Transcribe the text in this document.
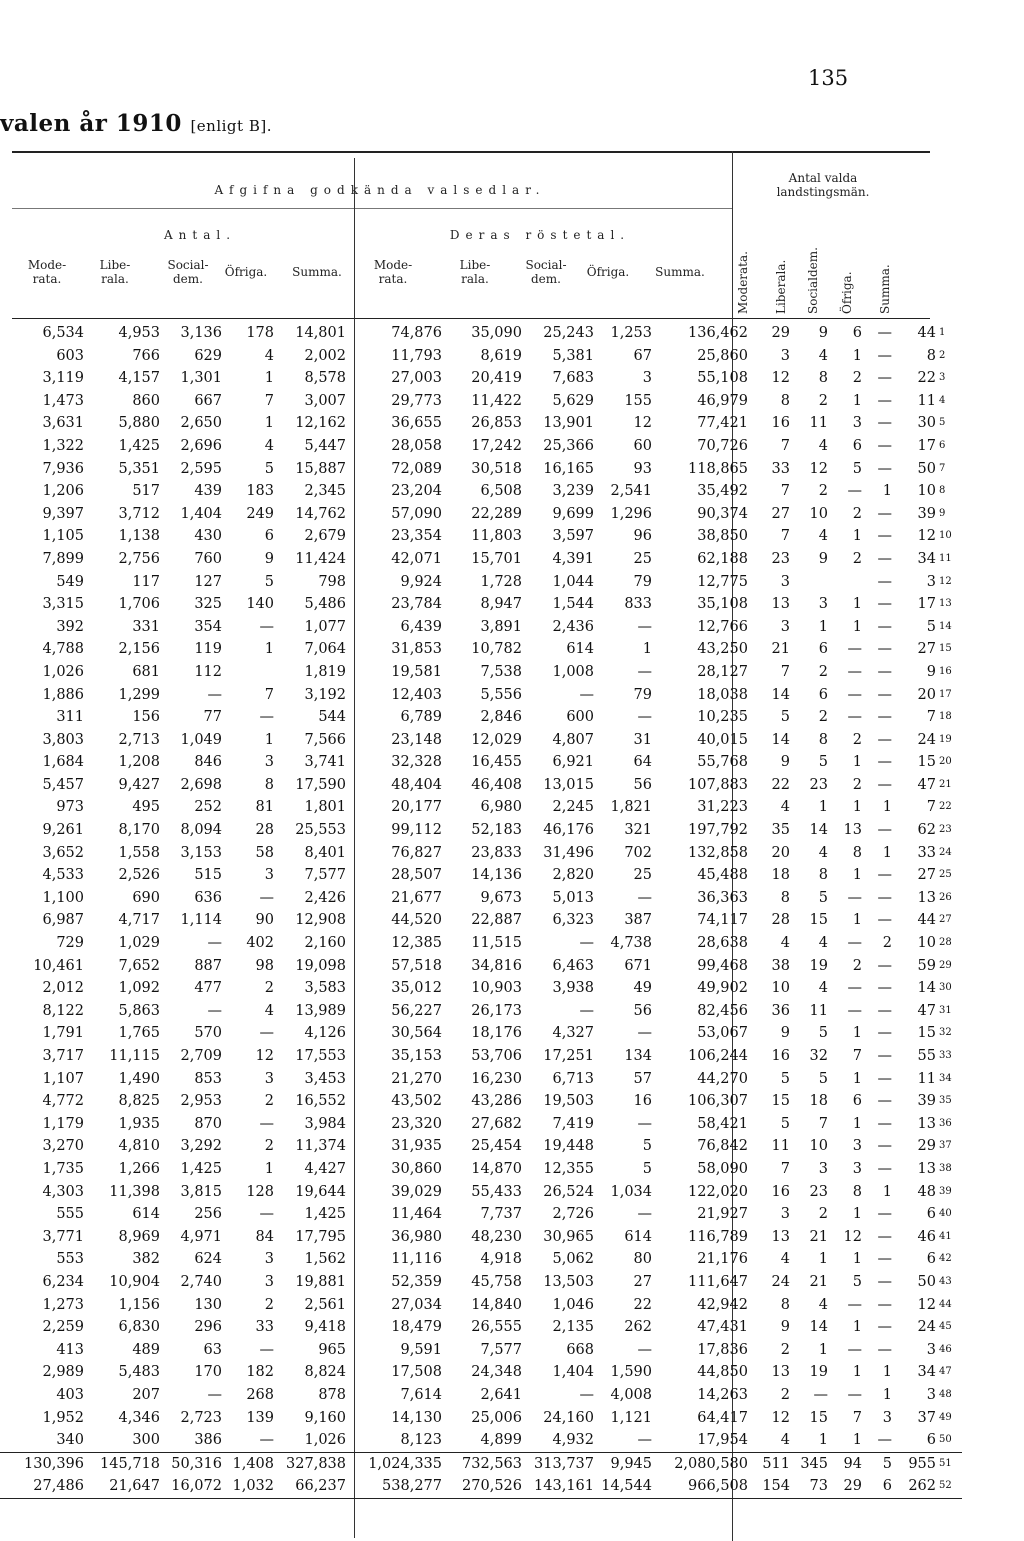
135
valen år 1910 [enligt B].
Afgifna godkända valsedlar.
Antal.	Deras röstetal.
Antal valda landstingsmän.
Mode-rata.
Libe-rala.
Social-dem.	Öfriga.	Summa.	Mode-rata.
Libe-rala.
Social-dem.	Öfriga.	Summa.	Moderata. Liberala. Socialdem. Öfriga. Summa.
6,534	4,953	3,136	178	14,801	74,876	35,090	25,243	1,253	136,462	29	9	6	—	44	1
603	766	629	4	2,002	11,793	8,619	5,381	67	25,860	3	4	1	—	8	2
3,119	4,157	1,301	1	8,578	27,003	20,419	7,683	3	55,108	12	8	2	—	22	3
1,473	860	667	7	3,007	29,773	11,422	5,629	155	46,979	8	2	1	—	11	4
3,631	5,880	2,650	1	12,162	36,655	26,853	13,901	12	77,421	16	11	3	—	30	5
1,322	1,425	2,696	4	5,447	28,058	17,242	25,366	60	70,726	7	4	6	—	17	6
7,936	5,351	2,595	5	15,887	72,089	30,518	16,165	93	118,865	33	12	5	—	50	7
1,206	517	439	183	2,345	23,204	6,508	3,239	2,541	35,492	7	2	—	1	10	8
9,397	3,712	1,404	249	14,762	57,090	22,289	9,699	1,296	90,374	27	10	2	—	39	9
1,105	1,138	430	6	2,679	23,354	11,803	3,597	96	38,850	7	4	1	—	12	10
7,899	2,756	760	9	11,424	42,071	15,701	4,391	25	62,188	23	9	2	—	34	11
549	117	127	5	798	9,924	1,728	1,044	79	12,775	3			—	3	12
3,315	1,706	325	140	5,486	23,784	8,947	1,544	833	35,108	13	3	1	—	17	13
392	331	354	—	1,077	6,439	3,891	2,436	—	12,766	3	1	1	—	5	14
4,788	2,156	119	1	7,064	31,853	10,782	614	1	43,250	21	6	—	—	27	15
1,026	681	112		1,819	19,581	7,538	1,008	—	28,127	7	2	—	—	9	16
1,886	1,299	—	7	3,192	12,403	5,556	—	79	18,038	14	6	—	—	20	17
311	156	77	—	544	6,789	2,846	600	—	10,235	5	2	—	—	7	18
3,803	2,713	1,049	1	7,566	23,148	12,029	4,807	31	40,015	14	8	2	—	24	19
1,684	1,208	846	3	3,741	32,328	16,455	6,921	64	55,768	9	5	1	—	15	20
5,457	9,427	2,698	8	17,590	48,404	46,408	13,015	56	107,883	22	23	2	—	47	21
973	495	252	81	1,801	20,177	6,980	2,245	1,821	31,223	4	1	1	1	7	22
9,261	8,170	8,094	28	25,553	99,112	52,183	46,176	321	197,792	35	14	13	—	62	23
3,652	1,558	3,153	58	8,401	76,827	23,833	31,496	702	132,858	20	4	8	1	33	24
4,533	2,526	515	3	7,577	28,507	14,136	2,820	25	45,488	18	8	1	—	27	25
1,100	690	636	—	2,426	21,677	9,673	5,013	—	36,363	8	5	—	—	13	26
6,987	4,717	1,114	90	12,908	44,520	22,887	6,323	387	74,117	28	15	1	—	44	27
729	1,029	—	402	2,160	12,385	11,515	—	4,738	28,638	4	4	—	2	10	28
10,461	7,652	887	98	19,098	57,518	34,816	6,463	671	99,468	38	19	2	—	59	29
2,012	1,092	477	2	3,583	35,012	10,903	3,938	49	49,902	10	4	—	—	14	30
8,122	5,863	—	4	13,989	56,227	26,173	—	56	82,456	36	11	—	—	47	31
1,791	1,765	570	—	4,126	30,564	18,176	4,327	—	53,067	9	5	1	—	15	32
3,717	11,115	2,709	12	17,553	35,153	53,706	17,251	134	106,244	16	32	7	—	55	33
1,107	1,490	853	3	3,453	21,270	16,230	6,713	57	44,270	5	5	1	—	11	34
4,772	8,825	2,953	2	16,552	43,502	43,286	19,503	16	106,307	15	18	6	—	39	35
1,179	1,935	870	—	3,984	23,320	27,682	7,419	—	58,421	5	7	1	—	13	36
3,270	4,810	3,292	2	11,374	31,935	25,454	19,448	5	76,842	11	10	3	—	29	37
1,735	1,266	1,425	1	4,427	30,860	14,870	12,355	5	58,090	7	3	3	—	13	38
4,303	11,398	3,815	128	19,644	39,029	55,433	26,524	1,034	122,020	16	23	8	1	48	39
555	614	256	—	1,425	11,464	7,737	2,726	—	21,927	3	2	1	—	6	40
3,771	8,969	4,971	84	17,795	36,980	48,230	30,965	614	116,789	13	21	12	—	46	41
553	382	624	3	1,562	11,116	4,918	5,062	80	21,176	4	1	1	—	6	42
6,234	10,904	2,740	3	19,881	52,359	45,758	13,503	27	111,647	24	21	5	—	50	43
1,273	1,156	130	2	2,561	27,034	14,840	1,046	22	42,942	8	4	—	—	12	44
2,259	6,830	296	33	9,418	18,479	26,555	2,135	262	47,431	9	14	1	—	24	45
413	489	63	—	965	9,591	7,577	668	—	17,836	2	1	—	—	3	46
2,989	5,483	170	182	8,824	17,508	24,348	1,404	1,590	44,850	13	19	1	1	34	47
403	207	—	268	878	7,614	2,641	—	4,008	14,263	2	—	—	1	3	48
1,952	4,346	2,723	139	9,160	14,130	25,006	24,160	1,121	64,417	12	15	7	3	37	49
340	300	386	—	1,026	8,123	4,899	4,932	—	17,954	4	1	1	—	6	50
130,396	145,718	50,316	1,408	327,838	1,024,335	732,563	313,737	9,945	2,080,580	511	345	94	5	955	51
27,486	21,647	16,072	1,032	66,237	538,277	270,526	143,161	14,544	966,508	154	73	29	6	262	52
